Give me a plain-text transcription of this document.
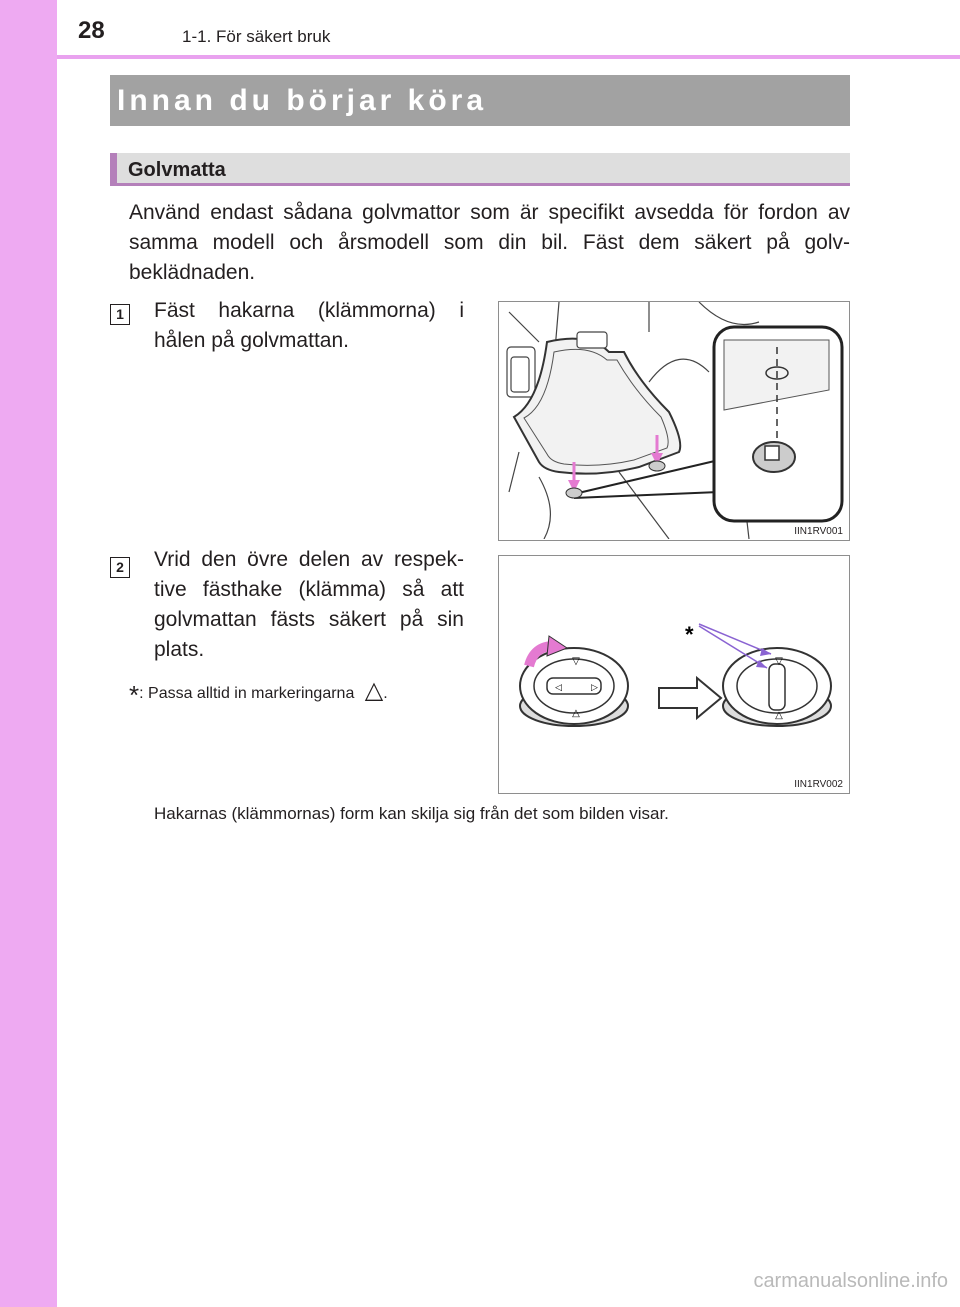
28	1-1. För säkert bruk
Innan du börjar köra
Golvmatta
Använd endast sådana golvmattor som är specifikt avsedda för fordon av samma modell och årsmodell som din bil. Fäst dem säkert på golv-beklädnaden.
1 Fäst hakarna (klämmorna) i hålen på golvmattan.
IIN1RV001
2 Vrid den övre delen av respek-tive fästhake (klämma) så att golvmattan fästs säkert på sin plats.
*: Passa alltid in markeringarna △.
▽
△
◁	▷
▽
△
*
IIN1RV002
Hakarnas (klämmornas) form kan skilja sig från det som bilden visar.
carmanualsonline.info
